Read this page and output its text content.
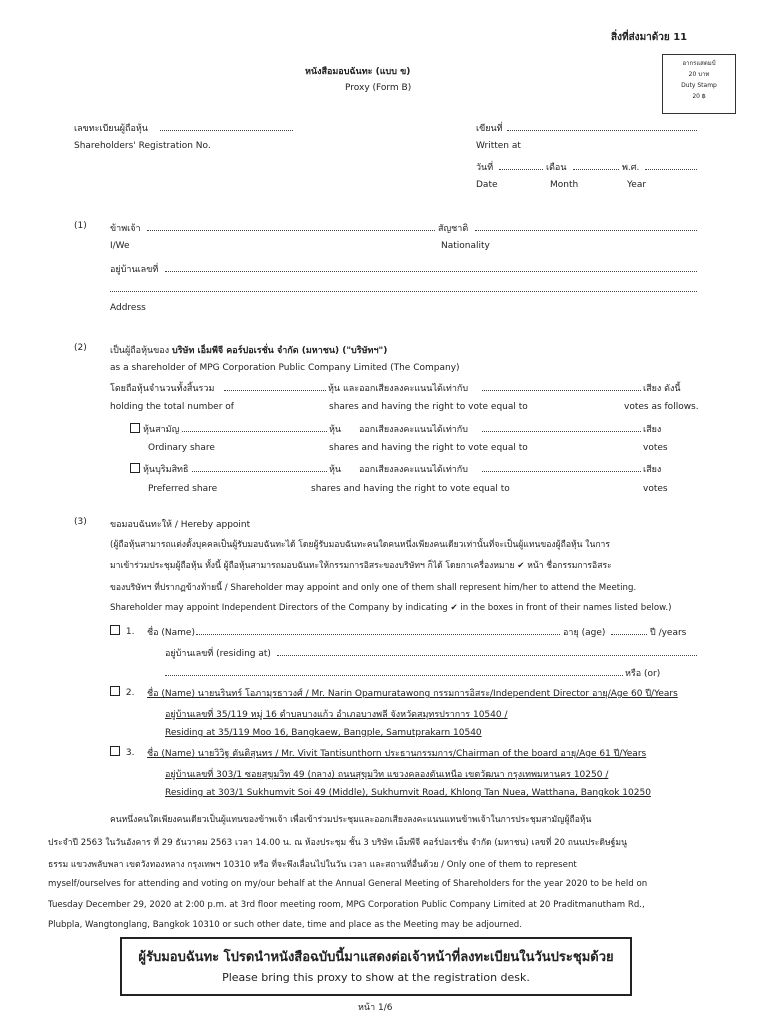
สิ่งที่ส่งมาด้วย 11
อากรแสตมป์
20 บาท
Duty Stamp
20 ฿
หนังสือมอบฉันทะ (แบบ ข)
Proxy (Form B)
เลขทะเบียนผู้ถือหุ้น
Shareholders' Registration No.
เขียนที่
Written at
วันที่	เดือน	พ.ศ.
Date	Month	Year
(1)	ข้าพเจ้า	สัญชาติ
I/We	Nationality
อยู่บ้านเลขที่
Address
(2)	เป็นผู้ถือหุ้นของ บริษัท เอ็มพีจี คอร์ปอเรชั่น จำกัด (มหาชน) ("บริษัทฯ")
as a shareholder of MPG Corporation Public Company Limited (The Company)
โดยถือหุ้นจำนวนทั้งสิ้นรวม	หุ้น และออกเสียงลงคะแนนได้เท่ากับ	เสียง ดังนี้
holding the total number of	shares and having the right to vote equal to	votes as follows.
หุ้นสามัญ	หุ้น ออกเสียงลงคะแนนได้เท่ากับ	เสียง
Ordinary share	shares and having the right to vote equal to	votes
หุ้นบุริมสิทธิ	หุ้น ออกเสียงลงคะแนนได้เท่ากับ	เสียง
Preferred share	shares and having the right to vote equal to	votes
(3)	ขอมอบฉันทะให้ / Hereby appoint
(ผู้ถือหุ้นสามารถแต่งตั้งบุคคลเป็นผู้รับมอบฉันทะได้ โดยผู้รับมอบฉันทะคนใดคนหนึ่งเพียงคนเดียวเท่านั้นที่จะเป็นผู้แทนของผู้ถือหุ้น ในการ
มาเข้าร่วมประชุมผู้ถือหุ้น ทั้งนี้ ผู้ถือหุ้นสามารถมอบฉันทะให้กรรมการอิสระของบริษัทฯ ก็ได้ โดยกาเครื่องหมาย ✔ หน้า ชื่อกรรมการอิสระ
ของบริษัทฯ ที่ปรากฏข้างท้ายนี้ / Shareholder may appoint and only one of them shall represent him/her to attend the Meeting.
Shareholder may appoint Independent Directors of the Company by indicating ✔ in the boxes in front of their names listed below.)
1. ชื่อ (Name)	อายุ (age)	ปี /years
อยู่บ้านเลขที่ (residing at)
หรือ (or)
2. ชื่อ (Name) นายนรินทร์ โอภามุรธาวงศ์ / Mr. Narin Opamuratawong กรรมการอิสระ/Independent Director อายุ/Age 60 ปี/Years
อยู่บ้านเลขที่ 35/119 หมู่ 16 ตำบลบางแก้ว อำเภอบางพลี จังหวัดสมุทรปราการ 10540 /
Residing at 35/119 Moo 16, Bangkaew, Bangple, Samutprakarn 10540
3. ชื่อ (Name) นายวิวิฐ ตันติสุนทร / Mr. Vivit Tantisunthorn ประธานกรรมการ/Chairman of the board อายุ/Age 61 ปี/Years
อยู่บ้านเลขที่ 303/1 ซอยสุขุมวิท 49 (กลาง) ถนนสุขุมวิท แขวงคลองตันเหนือ เขตวัฒนา กรุงเทพมหานคร 10250 /
Residing at 303/1 Sukhumvit Soi 49 (Middle), Sukhumvit Road, Khlong Tan Nuea, Watthana, Bangkok 10250
คนหนึ่งคนใดเพียงคนเดียวเป็นผู้แทนของข้าพเจ้า เพื่อเข้าร่วมประชุมและออกเสียงลงคะแนนแทนข้าพเจ้าในการประชุมสามัญผู้ถือหุ้น
ประจำปี 2563 ในวันอังคาร ที่ 29 ธันวาคม 2563 เวลา 14.00 น. ณ ห้องประชุม ชั้น 3 บริษัท เอ็มพีจี คอร์ปอเรชั่น จำกัด (มหาชน) เลขที่ 20 ถนนประดิษฐ์มนู
ธรรม แขวงพลับพลา เขตวังทองหลาง กรุงเทพฯ 10310 หรือ ที่จะพึงเลื่อนไปในวัน เวลา และสถานที่อื่นด้วย / Only one of them to represent
myself/ourselves for attending and voting on my/our behalf at the Annual General Meeting of Shareholders for the year 2020 to be held on
Tuesday December 29, 2020 at 2:00 p.m. at 3rd floor meeting room, MPG Corporation Public Company Limited at 20 Praditmanutham Rd.,
Plubpla, Wangtonglang, Bangkok 10310 or such other date, time and place as the Meeting may be adjourned.
ผู้รับมอบฉันทะ โปรดนำหนังสือฉบับนี้มาแสดงต่อเจ้าหน้าที่ลงทะเบียนในวันประชุมด้วย
Please bring this proxy to show at the registration desk.
หน้า 1/6
